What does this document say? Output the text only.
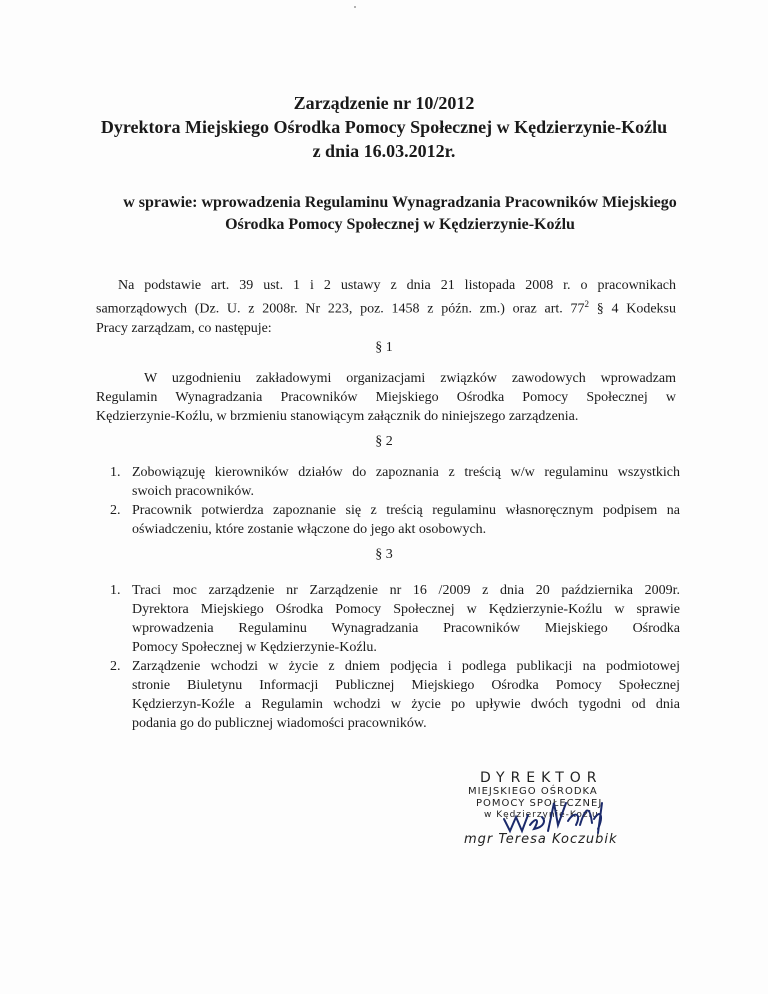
Zarządzenie nr 10/2012
Dyrektora Miejskiego Ośrodka Pomocy Społecznej w Kędzierzynie-Koźlu
z dnia 16.03.2012r.
w sprawie: wprowadzenia Regulaminu Wynagradzania Pracowników Miejskiego
Ośrodka Pomocy Społecznej w Kędzierzynie-Koźlu
Na podstawie art. 39 ust. 1 i 2 ustawy z dnia 21 listopada 2008 r. o pracownikach
samorządowych (Dz. U. z 2008r. Nr 223, poz. 1458 z późn. zm.) oraz art. $77^2$ § 4 Kodeksu
Pracy zarządzam, co następuje:
§ 1
W uzgodnieniu zakładowymi organizacjami związków zawodowych wprowadzam
Regulamin Wynagradzania Pracowników Miejskiego Ośrodka Pomocy Społecznej w
Kędzierzynie-Koźlu, w brzmieniu stanowiącym załącznik do niniejszego zarządzenia.
§ 2
1. Zobowiązuję kierowników działów do zapoznania z treścią w/w regulaminu wszystkich
swoich pracowników.
2. Pracownik potwierdza zapoznanie się z treścią regulaminu własnoręcznym podpisem na
oświadczeniu, które zostanie włączone do jego akt osobowych.
§ 3
1. Traci moc zarządzenie nr Zarządzenie nr 16 /2009 z dnia 20 października 2009r.
Dyrektora Miejskiego Ośrodka Pomocy Społecznej w Kędzierzynie-Koźlu w sprawie
wprowadzenia Regulaminu Wynagradzania Pracowników Miejskiego Ośrodka
Pomocy Społecznej w Kędzierzynie-Koźlu.
2. Zarządzenie wchodzi w życie z dniem podjęcia i podlega publikacji na podmiotowej
stronie Biuletynu Informacji Publicznej Miejskiego Ośrodka Pomocy Społecznej
Kędzierzyn-Koźle a Regulamin wchodzi w życie po upływie dwóch tygodni od dnia
podania go do publicznej wiadomości pracowników.
DYREKTOR
MIEJSKIEGO OŚRODKA
POMOCY SPOŁECZNEJ
w Kędzierzynie-Koźlu
mgr Teresa Koczubik
